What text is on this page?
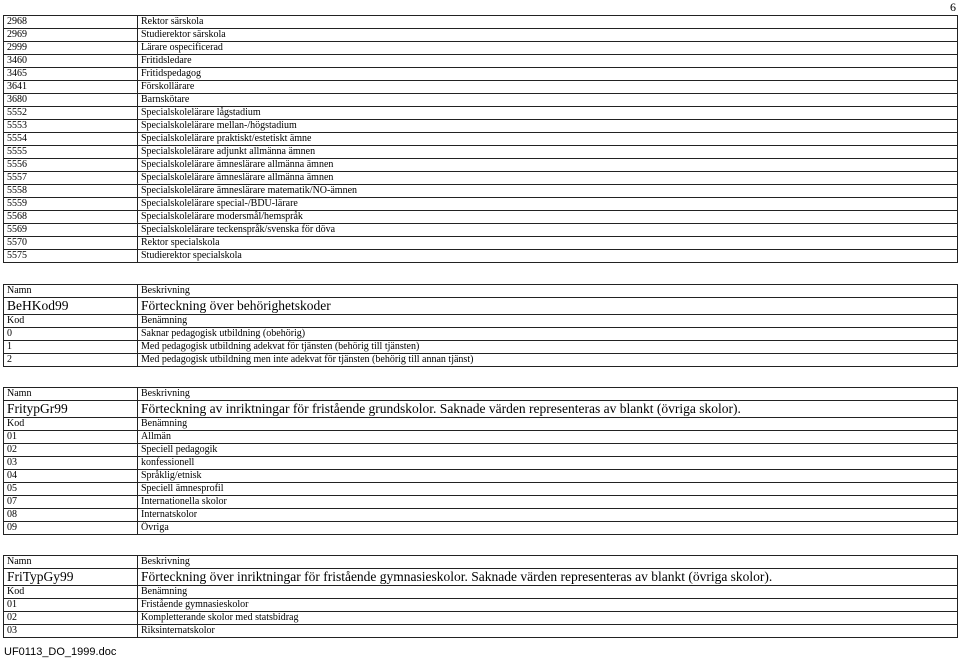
6
2968	Rektor särskola
2969	Studierektor särskola
2999	Lärare ospecificerad
3460	Fritidsledare
3465	Fritidspedagog
3641	Förskollärare
3680	Barnskötare
5552	Specialskolelärare lågstadium
5553	Specialskolelärare mellan-/högstadium
5554	Specialskolelärare praktiskt/estetiskt ämne
5555	Specialskolelärare adjunkt allmänna ämnen
5556	Specialskolelärare ämneslärare allmänna ämnen
5557	Specialskolelärare ämneslärare allmänna ämnen
5558	Specialskolelärare ämneslärare matematik/NO-ämnen
5559	Specialskolelärare special-/BDU-lärare
5568	Specialskolelärare modersmål/hemspråk
5569	Specialskolelärare teckenspråk/svenska för döva
5570	Rektor specialskola
5575	Studierektor specialskola
Namn	Beskrivning
BeHKod99	Förteckning över behörighetskoder
Kod	Benämning
0	Saknar pedagogisk utbildning (obehörig)
1	Med pedagogisk utbildning adekvat för tjänsten (behörig till tjänsten)
2	Med pedagogisk utbildning men inte adekvat för tjänsten (behörig till annan tjänst)
Namn	Beskrivning
FritypGr99	Förteckning av inriktningar för fristående grundskolor. Saknade värden representeras av blankt (övriga skolor).
Kod	Benämning
01	Allmän
02	Speciell pedagogik
03	konfessionell
04	Språklig/etnisk
05	Speciell ämnesprofil
07	Internationella skolor
08	Internatskolor
09	Övriga
Namn	Beskrivning
FriTypGy99	Förteckning över inriktningar för fristående gymnasieskolor. Saknade värden representeras av blankt (övriga skolor).
Kod	Benämning
01	Fristående gymnasieskolor
02	Kompletterande skolor med statsbidrag
03	Riksinternatskolor
UF0113_DO_1999.doc
